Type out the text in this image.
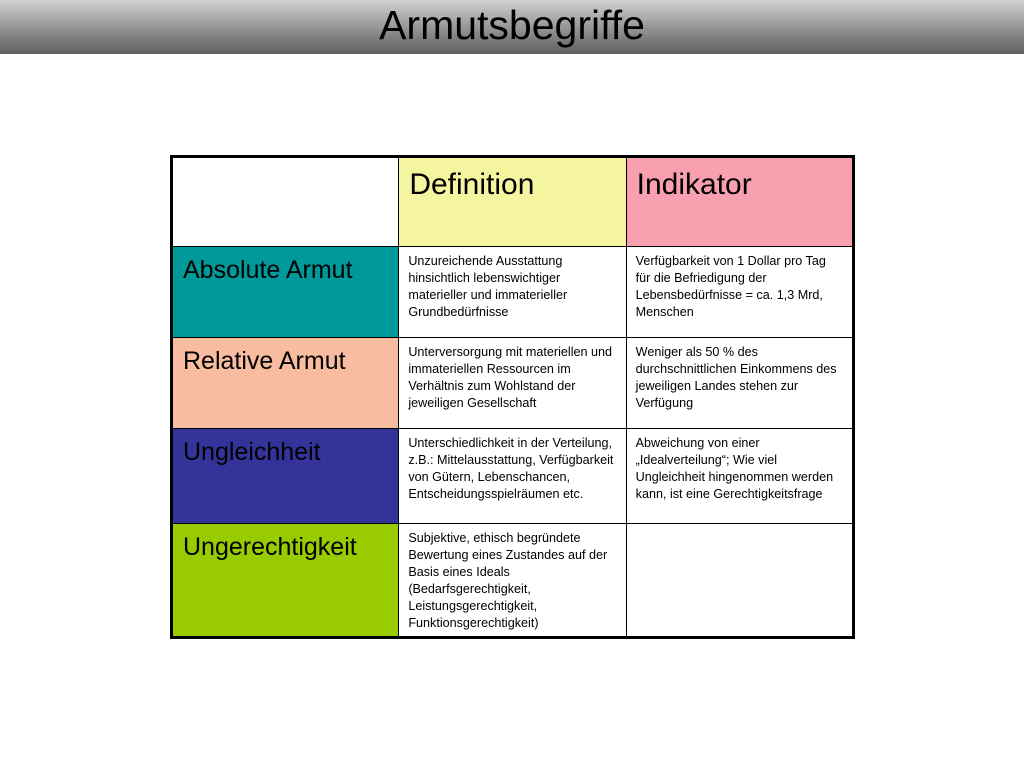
Armutsbegriffe
	Definition	Indikator
Absolute Armut	Unzureichende Ausstattung hinsichtlich lebenswichtiger materieller und immaterieller Grundbedürfnisse	Verfügbarkeit von 1 Dollar pro Tag für die Befriedigung der Lebensbedürfnisse = ca. 1,3 Mrd, Menschen
Relative Armut	Unterversorgung mit materiellen und immateriellen Ressourcen im Verhältnis zum Wohlstand der jeweiligen Gesellschaft	Weniger als 50 % des durchschnittlichen Einkommens des jeweiligen Landes stehen zur Verfügung
Ungleichheit	Unterschiedlichkeit in der Verteilung, z.B.: Mittelausstattung, Verfügbarkeit von Gütern, Lebenschancen, Entscheidungsspielräumen etc.	Abweichung von einer „Idealverteilung“; Wie viel Ungleichheit hingenommen werden kann, ist eine Gerechtigkeitsfrage
Ungerechtigkeit	Subjektive, ethisch begründete Bewertung eines Zustandes auf der Basis eines Ideals (Bedarfsgerechtigkeit, Leistungsgerechtigkeit, Funktionsgerechtigkeit)	
